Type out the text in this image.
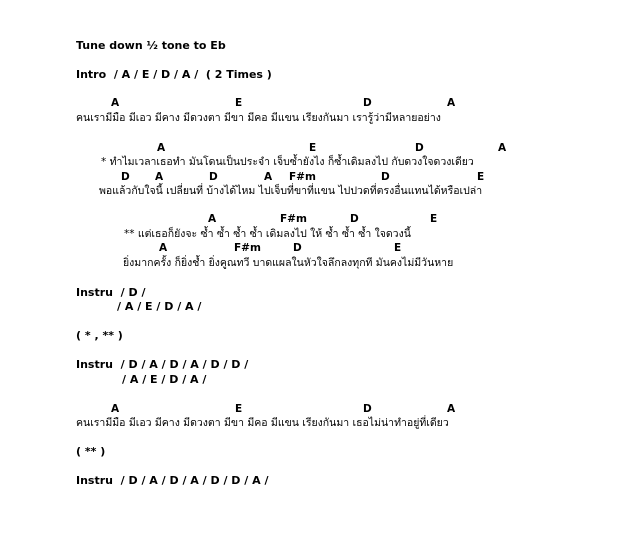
Tune down ½ tone to Eb
Intro  / A / E / D / A /  ( 2 Times )
A	E	D	A
คนเรามีมือ มีเอว มีคาง มีดวงตา มีขา มีคอ มีแขน เรียงกันมา เรารู้ว่ามีหลายอย่าง
A	E	D	A
* ทำไมเวลาเธอทำ มันโดนเป็นประจำ เจ็บซ้ำยังไง ก็ซ้ำเดิมลงไป กับดวงใจดวงเดียว
D A	D	A F#m	D	E
พอแล้วกับใจนี้ เปลี่ยนที่ บ้างได้ไหม ไปเจ็บที่ขาที่แขน ไปปวดที่ตรงอื่นแทนได้หรือเปล่า
A	F#m	D	E
** แต่เธอก็ยังจะ ซ้ำ ซ้ำ ซ้ำ ซ้ำ เดิมลงไป ให้ ซ้ำ ซ้ำ ซ้ำ ใจดวงนี้
A	F#m	D	E
ยิ่งมากครั้ง ก็ยิ่งช้ำ ยิ่งคูณทวี บาดแผลในหัวใจลึกลงทุกที มันคงไม่มีวันหาย
Instru  / D /
/ A / E / D / A /
( * , ** )
Instru  / D / A / D / A / D / D /
/ A / E / D / A /
A	E	D	A
คนเรามีมือ มีเอว มีคาง มีดวงตา มีขา มีคอ มีแขน เรียงกันมา เธอไม่น่าทำอยู่ที่เดียว
( ** )
Instru  / D / A / D / A / D / D / A /
